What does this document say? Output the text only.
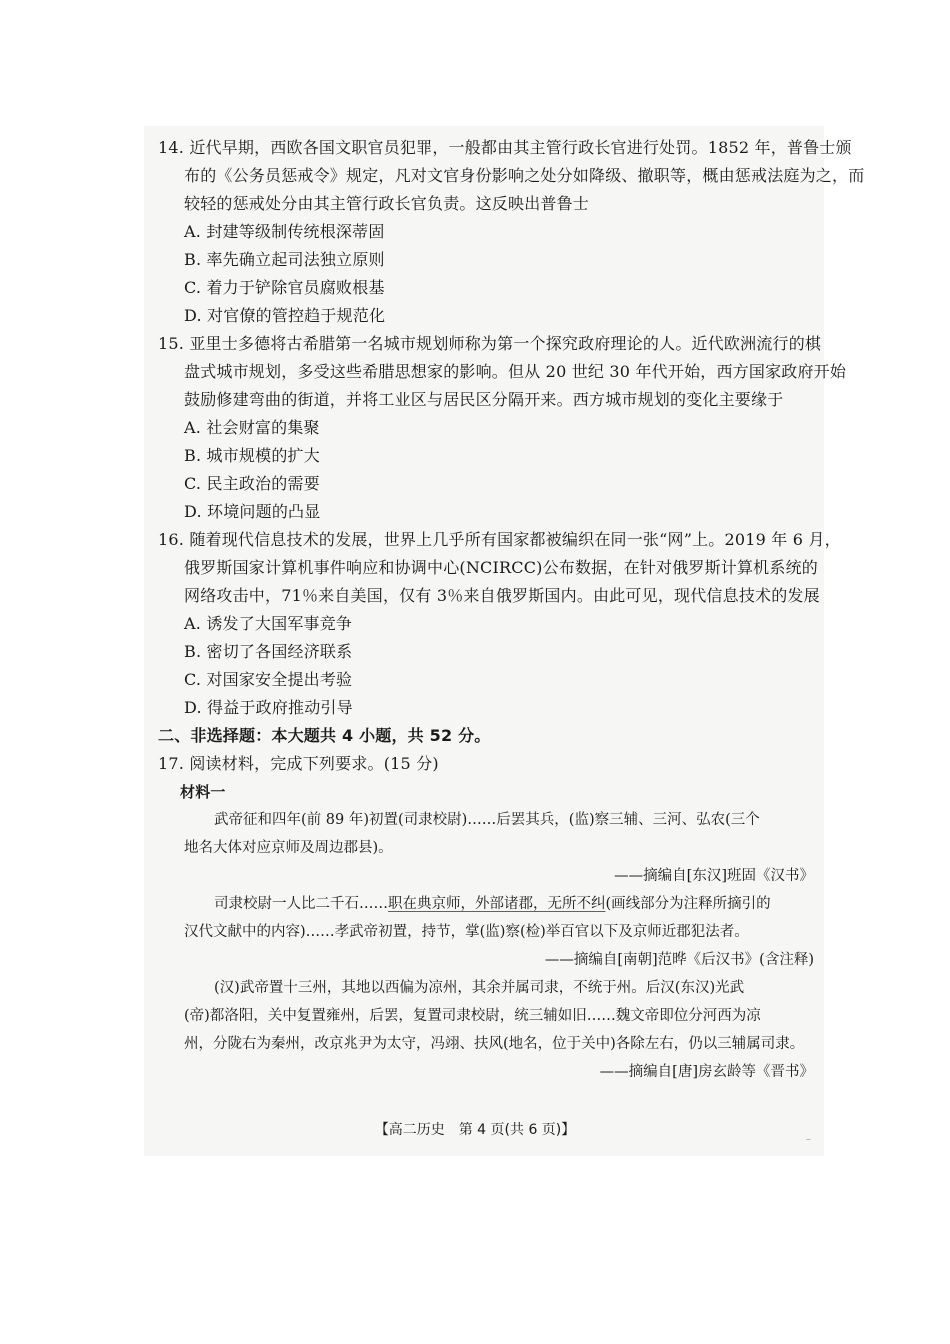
14. 近代早期，西欧各国文职官员犯罪，一般都由其主管行政长官进行处罚。1852 年，普鲁士颁
布的《公务员惩戒令》规定，凡对文官身份影响之处分如降级、撤职等，概由惩戒法庭为之，而
较轻的惩戒处分由其主管行政长官负责。这反映出普鲁士
A. 封建等级制传统根深蒂固
B. 率先确立起司法独立原则
C. 着力于铲除官员腐败根基
D. 对官僚的管控趋于规范化
15. 亚里士多德将古希腊第一名城市规划师称为第一个探究政府理论的人。近代欧洲流行的棋
盘式城市规划，多受这些希腊思想家的影响。但从 20 世纪 30 年代开始，西方国家政府开始
鼓励修建弯曲的街道，并将工业区与居民区分隔开来。西方城市规划的变化主要缘于
A. 社会财富的集聚
B. 城市规模的扩大
C. 民主政治的需要
D. 环境问题的凸显
16. 随着现代信息技术的发展，世界上几乎所有国家都被编织在同一张“网”上。2019 年 6 月，
俄罗斯国家计算机事件响应和协调中心(NCIRCC)公布数据，在针对俄罗斯计算机系统的
网络攻击中，71％来自美国，仅有 3％来自俄罗斯国内。由此可见，现代信息技术的发展
A. 诱发了大国军事竞争
B. 密切了各国经济联系
C. 对国家安全提出考验
D. 得益于政府推动引导
二、非选择题：本大题共 4 小题，共 52 分。
17. 阅读材料，完成下列要求。(15 分)
材料一
武帝征和四年(前 89 年)初置(司隶校尉)……后罢其兵，(监)察三辅、三河、弘农(三个
地名大体对应京师及周边郡县)。
——摘编自[东汉]班固《汉书》
司隶校尉一人比二千石……职在典京师，外部诸郡，无所不纠(画线部分为注释所摘引的
汉代文献中的内容)……孝武帝初置，持节，掌(监)察(检)举百官以下及京师近郡犯法者。
——摘编自[南朝]范晔《后汉书》(含注释)
(汉)武帝置十三州，其地以西偏为凉州，其余并属司隶，不统于州。后汉(东汉)光武
(帝)都洛阳，关中复置雍州，后罢，复置司隶校尉，统三辅如旧……魏文帝即位分河西为凉
州，分陇右为秦州，改京兆尹为太守，冯翊、扶风(地名，位于关中)各除左右，仍以三辅属司隶。
——摘编自[唐]房玄龄等《晋书》
【高二历史　第 4 页(共 6 页)】
–
